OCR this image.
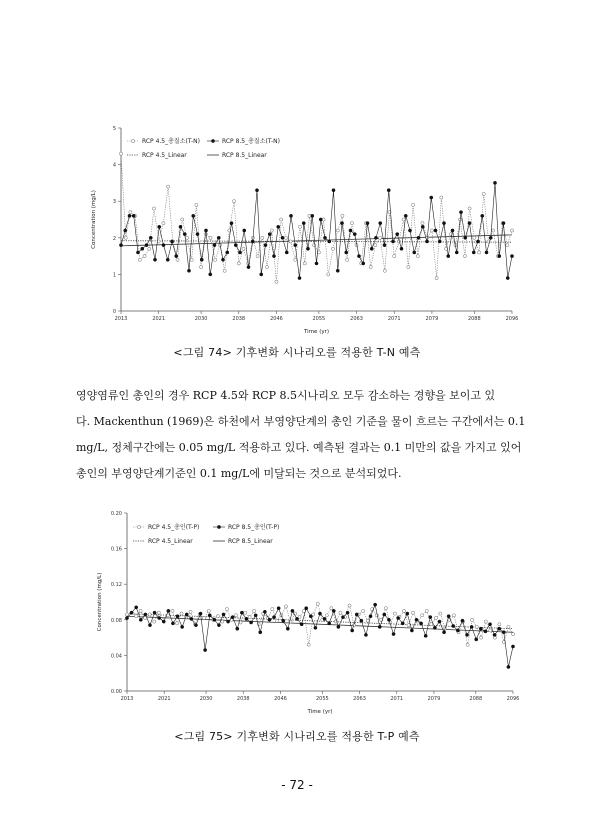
0
1
2
3
4
5
2013	2021	2030	2038	2046	2055	2063	2071	2079	2088	2096
Time (yr)
Concentration (mg/L)
RCP 4.5_총질소(T-N)	RCP 8.5_총질소(T-N)
RCP 4.5_Linear	RCP 8.5_Linear
0.00
0.04
0.08
0.12
0.16
0.20
2013	2021	2030	2038	2046	2055	2063	2071	2079	2088	2096
Time (yr)
Concentration (mg/L)
RCP 4.5_총인(T-P)	RCP 8.5_총인(T-P)
RCP 4.5_Linear	RCP 8.5_Linear
<그림 74> 기후변화 시나리오를 적용한 T-N 예측
영양염류인 총인의 경우 RCP 4.5와 RCP 8.5시나리오 모두 감소하는 경향을 보이고 있
다. Mackenthun (1969)은 하천에서 부영양단계의 총인 기준을 물이 흐르는 구간에서는 0.1
mg/L, 정체구간에는 0.05 mg/L 적용하고 있다. 예측된 결과는 0.1 미만의 값을 가지고 있어
총인의 부영양단계기준인 0.1 mg/L에 미달되는 것으로 분석되었다.
<그림 75> 기후변화 시나리오를 적용한 T-P 예측
- 72 -
